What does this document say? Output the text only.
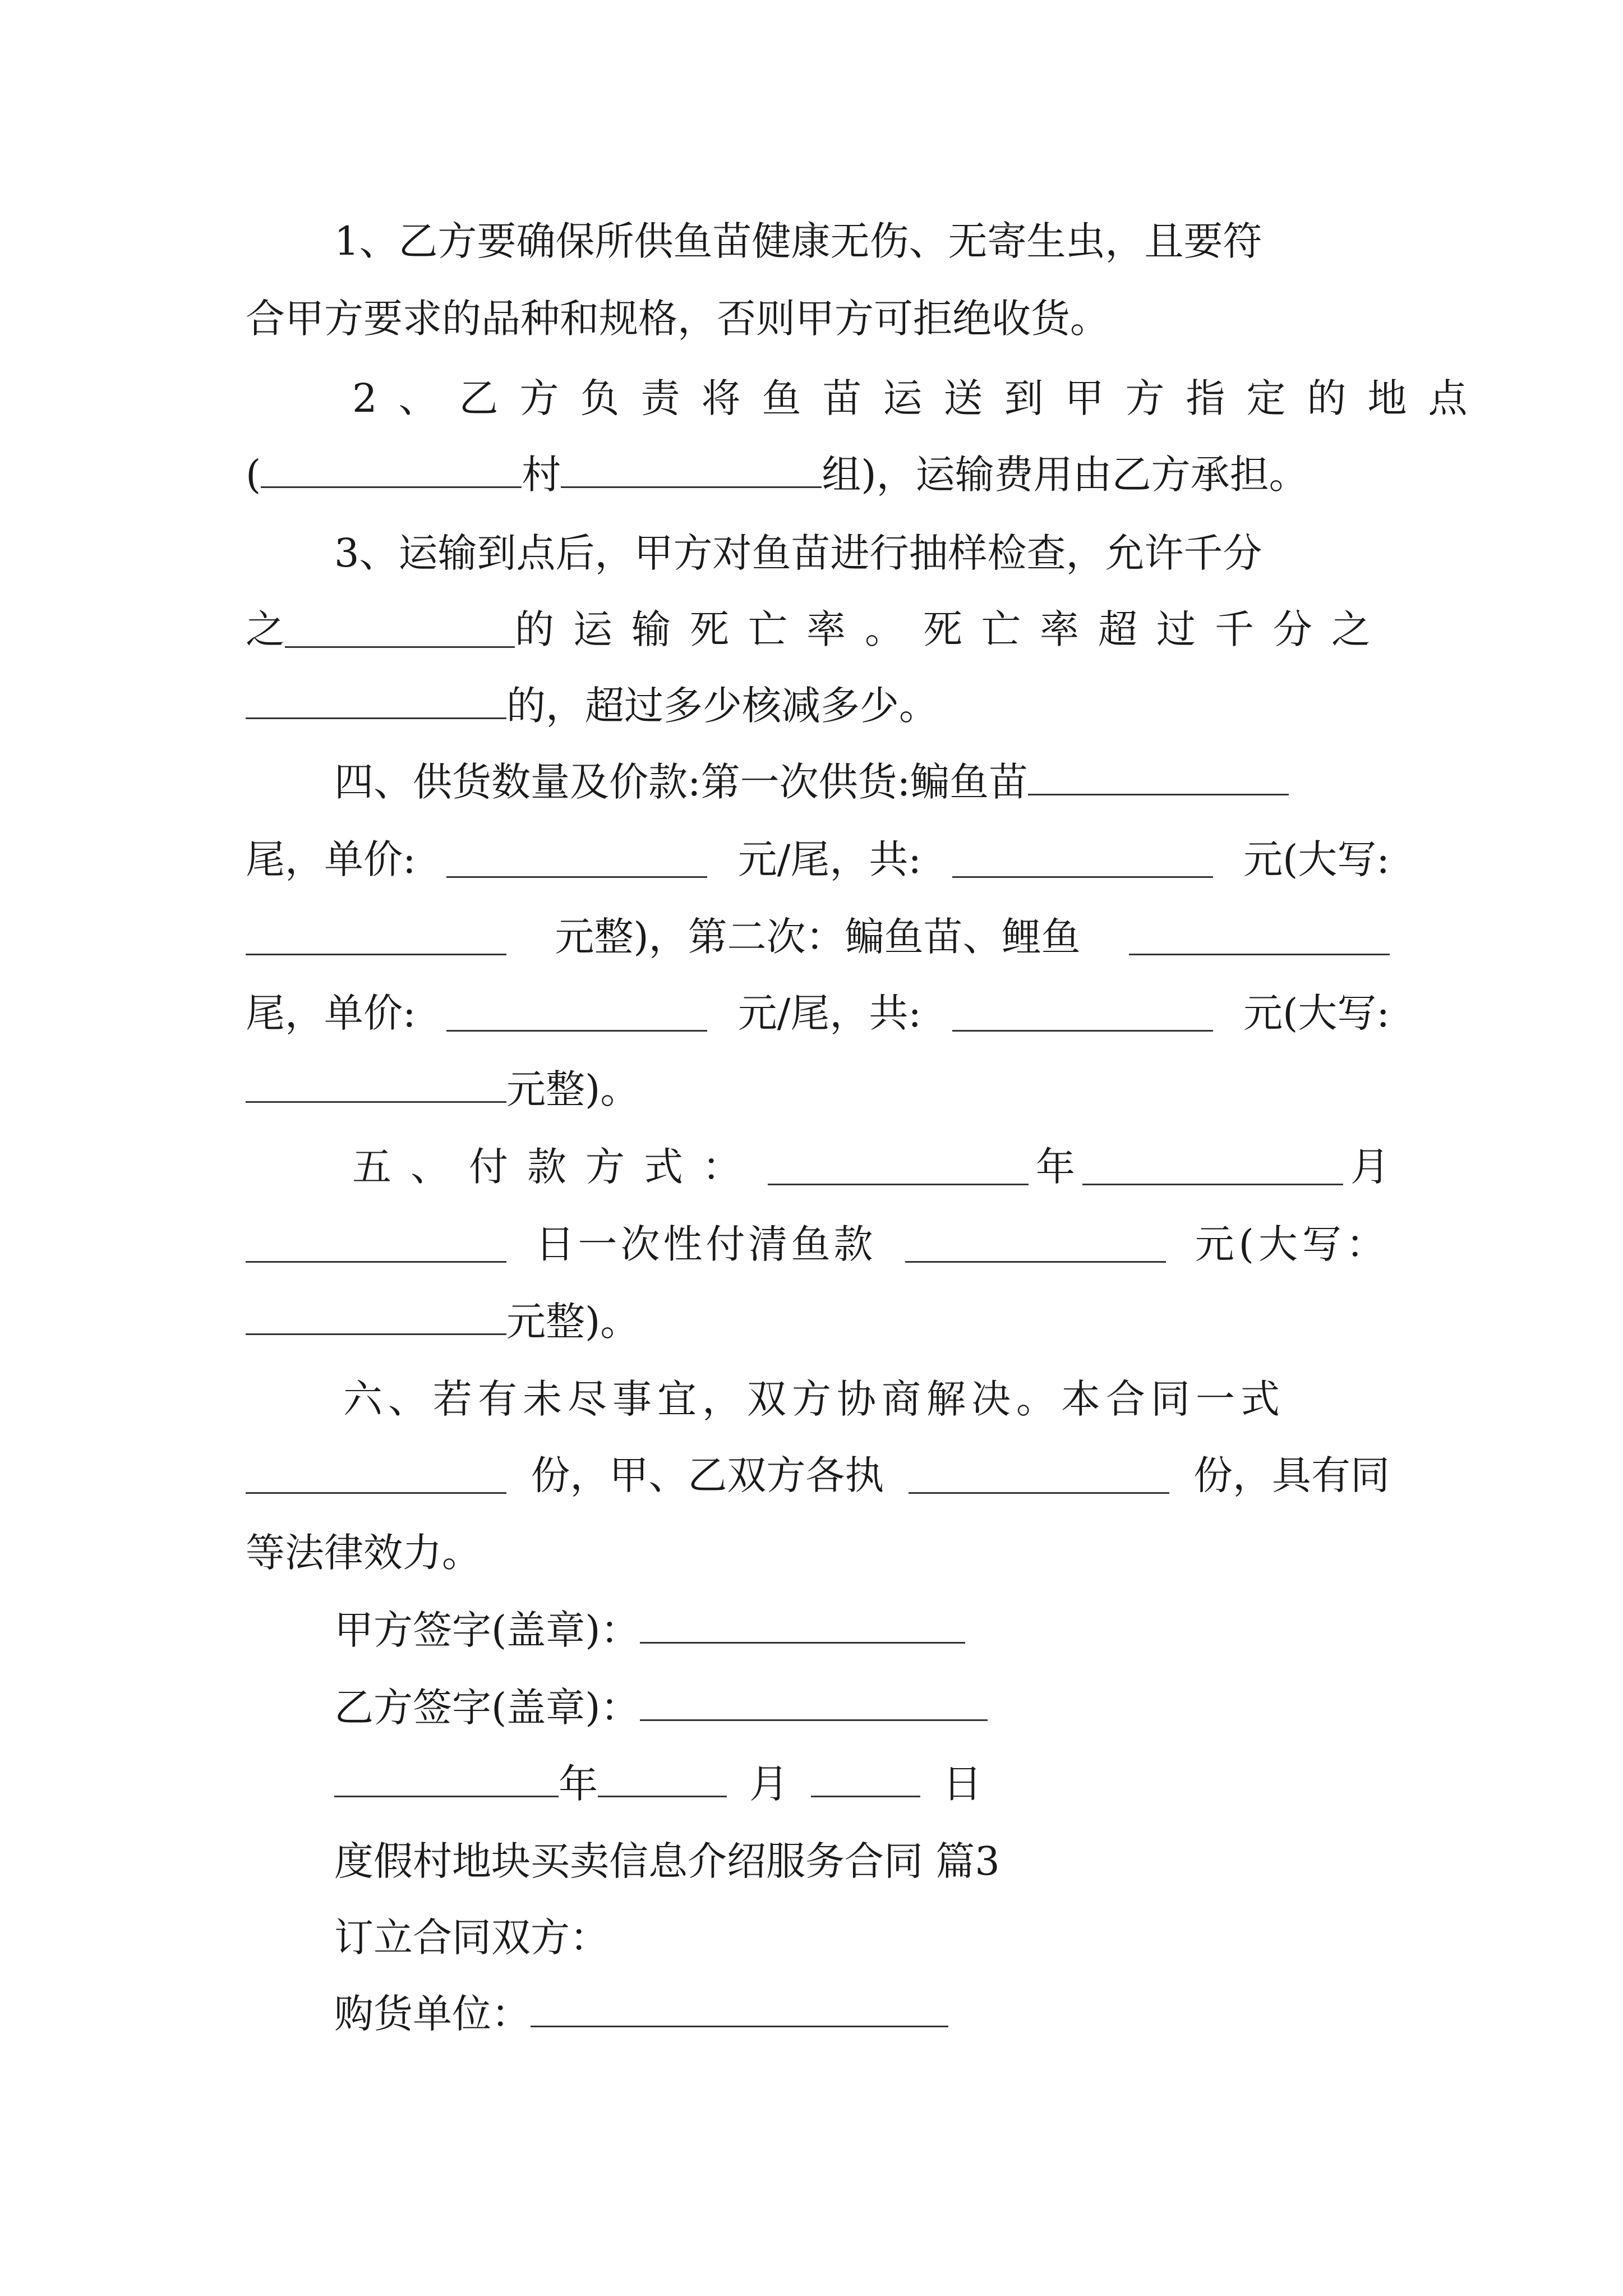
1、乙方要确保所供鱼苗健康无伤、无寄生虫，且要符

合甲方要求的品种和规格，否则甲方可拒绝收货。

2、乙方负责将鱼苗运送到甲方指定的地点

(	村	组)，运输费用由乙方承担。

3、运输到点后，甲方对鱼苗进行抽样检查，允许千分

之	的运输死亡率。死亡率超过千分之

的，超过多少核减多少。

四、供货数量及价款:第一次供货:鳊鱼苗

尾，单价:	元/尾，共:	元(大写:

元整)，第二次：鳊鱼苗、鲤鱼

尾，单价:	元/尾，共:	元(大写:

元整)。

五、付款方式：	年	月

日一次性付清鱼款	元(大写：

元整)。

六、若有未尽事宜，双方协商解决。本合同一式

份，甲、乙双方各执	份，具有同

等法律效力。

甲方签字(盖章)：

乙方签字(盖章)：

年	月	日

度假村地块买卖信息介绍服务合同 篇3

订立合同双方：

购货单位：
